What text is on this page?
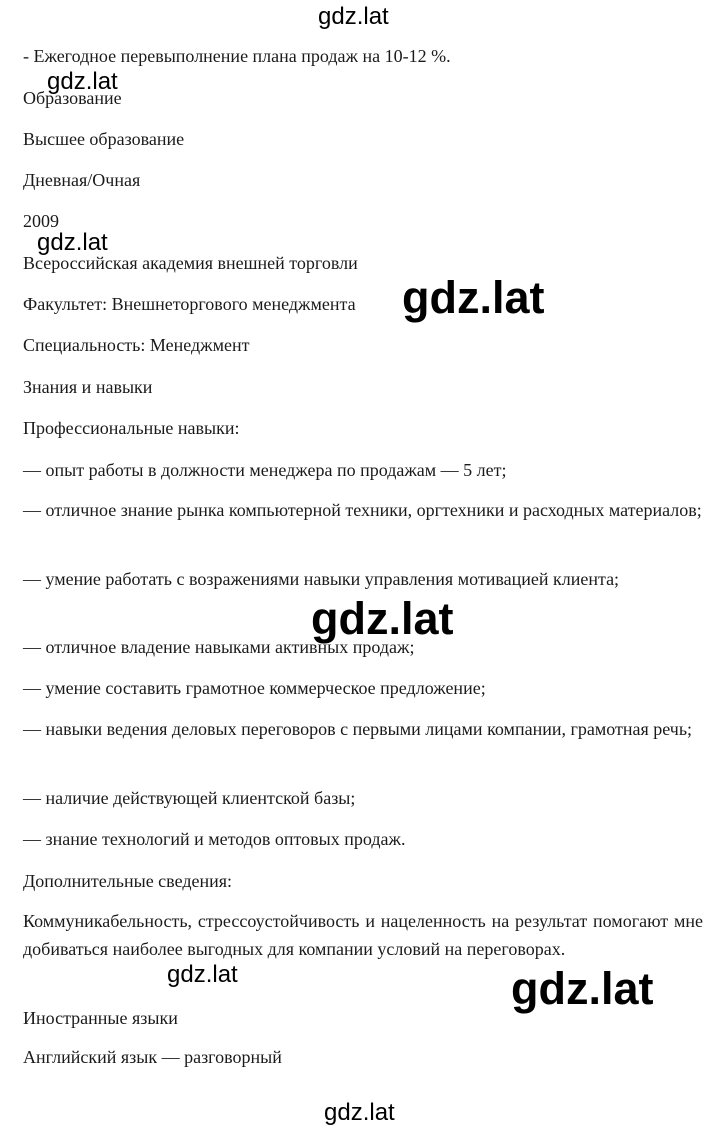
- Ежегодное перевыполнение плана продаж на 10-12 %.
Образование
Высшее образование
Дневная/Очная
2009
Всероссийская академия внешней торговли
Факультет: Внешнеторгового менеджмента
Специальность: Менеджмент
Знания и навыки
Профессиональные навыки:
— опыт работы в должности менеджера по продажам — 5 лет;
— отличное знание рынка компьютерной техники, оргтехники и расходных материалов;
— умение работать с возражениями навыки управления мотивацией клиента;
— отличное владение навыками активных продаж;
— умение составить грамотное коммерческое предложение;
— навыки ведения деловых переговоров с первыми лицами компании, грамотная речь;
— наличие действующей клиентской базы;
— знание технологий и методов оптовых продаж.
Дополнительные сведения:
Коммуникабельность, стрессоустойчивость и нацеленность на результат помогают мне добиваться наиболее выгодных для компании условий на переговорах.
Иностранные языки
Английский язык — разговорный
gdz.lat
gdz.lat
gdz.lat
gdz.lat
gdz.lat
gdz.lat	gdz.lat
gdz.lat
